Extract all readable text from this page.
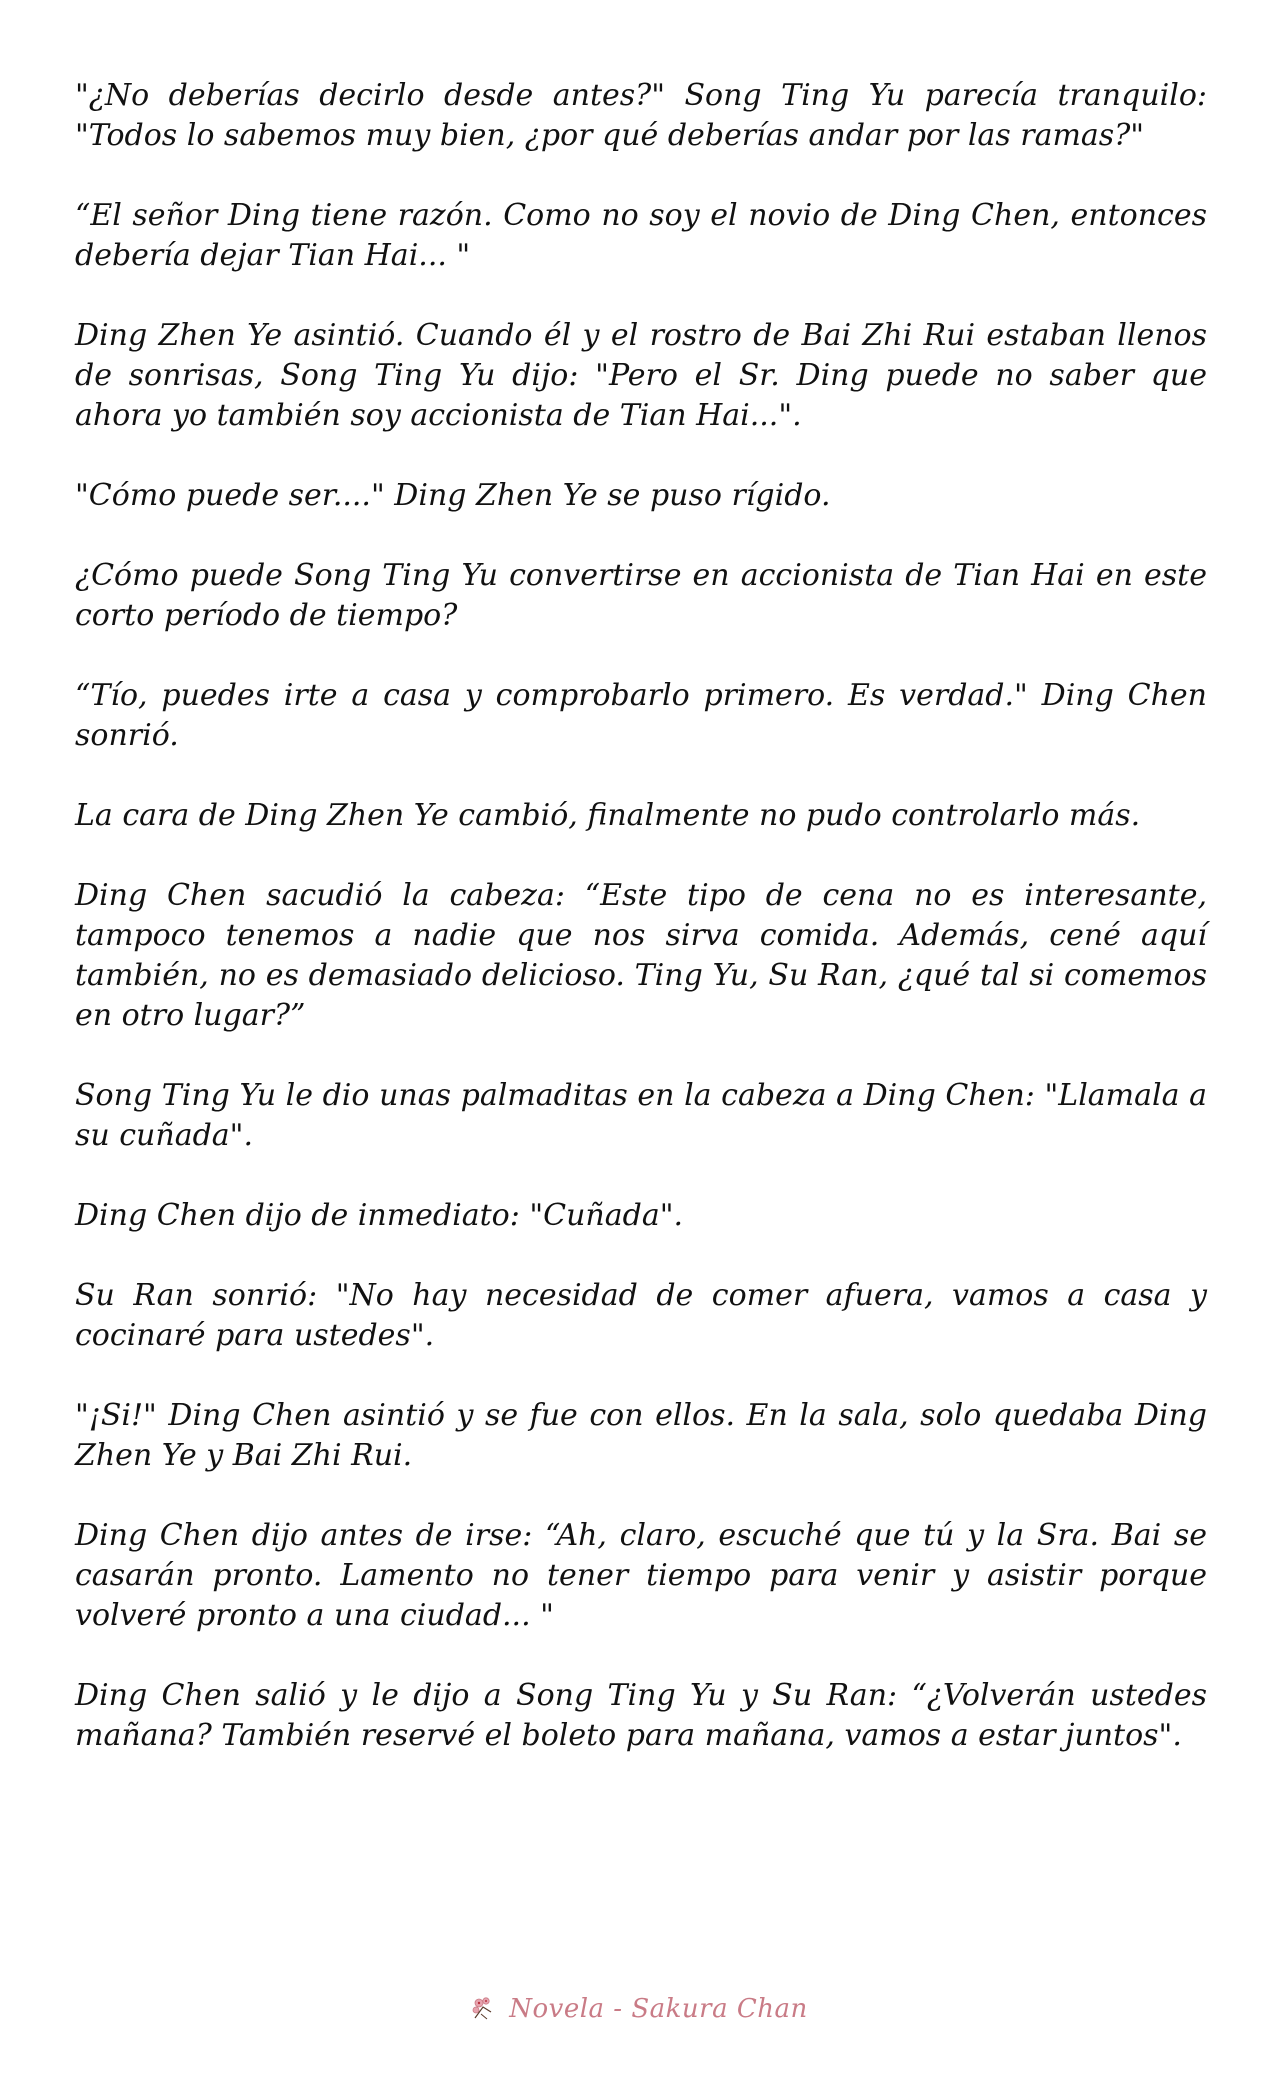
"¿No deberías decirlo desde antes?" Song Ting Yu parecía tranquilo: "Todos lo sabemos muy bien, ¿por qué deberías andar por las ramas?"

“El señor Ding tiene razón. Como no soy el novio de Ding Chen, entonces debería dejar Tian Hai... "

Ding Zhen Ye asintió. Cuando él y el rostro de Bai Zhi Rui estaban llenos de sonrisas, Song Ting Yu dijo: "Pero el Sr. Ding puede no saber que ahora yo también soy accionista de Tian Hai...".

"Cómo puede ser...." Ding Zhen Ye se puso rígido.

¿Cómo puede Song Ting Yu convertirse en accionista de Tian Hai en este corto período de tiempo?

“Tío, puedes irte a casa y comprobarlo primero. Es verdad." Ding Chen sonrió.

La cara de Ding Zhen Ye cambió, finalmente no pudo controlarlo más.

Ding Chen sacudió la cabeza: “Este tipo de cena no es interesante, tampoco tenemos a nadie que nos sirva comida. Además, cené aquí también, no es demasiado delicioso. Ting Yu, Su Ran, ¿qué tal si comemos en otro lugar?”

Song Ting Yu le dio unas palmaditas en la cabeza a Ding Chen: "Llamala a su cuñada".

Ding Chen dijo de inmediato: "Cuñada".

Su Ran sonrió: "No hay necesidad de comer afuera, vamos a casa y cocinaré para ustedes".

"¡Si!" Ding Chen asintió y se fue con ellos. En la sala, solo quedaba Ding Zhen Ye y Bai Zhi Rui.

Ding Chen dijo antes de irse: “Ah, claro, escuché que tú y la Sra. Bai se casarán pronto. Lamento no tener tiempo para venir y asistir porque volveré pronto a una ciudad... "

Ding Chen salió y le dijo a Song Ting Yu y Su Ran: “¿Volverán ustedes mañana? También reservé el boleto para mañana, vamos a estar juntos".

Novela - Sakura Chan
